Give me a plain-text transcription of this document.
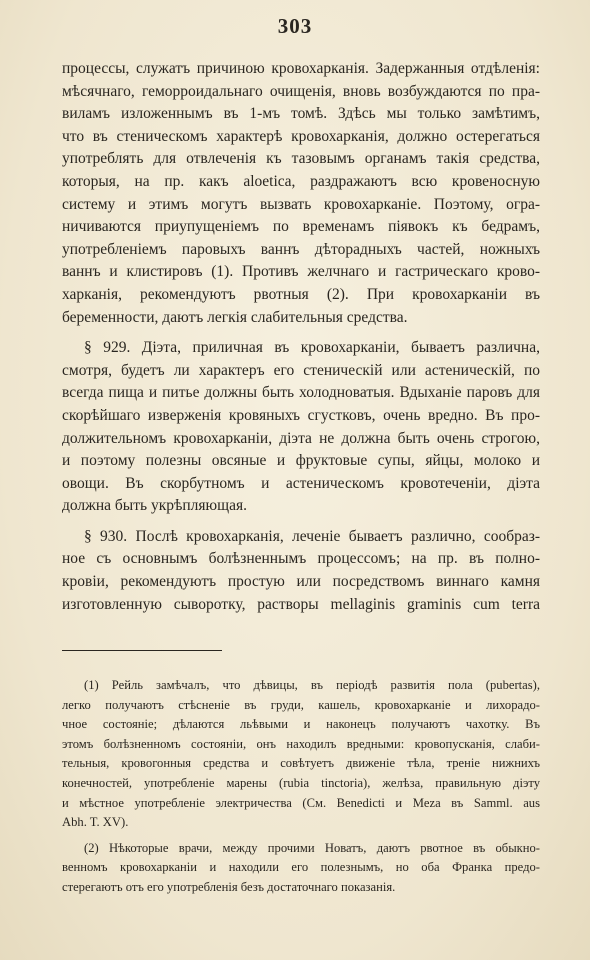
303
процессы, служатъ причиною кровохарканія. Задержанныя отдѣленія:
мѣсячнаго, геморроидальнаго очищенія, вновь возбуждаются по пра-
виламъ изложеннымъ въ 1-мъ томѣ. Здѣсь мы только замѣтимъ,
что въ стеническомъ характерѣ кровохарканія, должно остерегаться
употреблять для отвлеченія къ тазовымъ органамъ такія средства,
которыя, на пр. какъ aloetica, раздражаютъ всю кровеносную
систему и этимъ могутъ вызвать кровохарканіе. Поэтому, огра-
ничиваются приупущеніемъ по временамъ піявокъ къ бедрамъ,
употребленіемъ паровыхъ ваннъ дѣторадныхъ частей, ножныхъ
ваннъ и клистировъ (1). Противъ желчнаго и гастрическаго крово-
харканія, рекомендуютъ рвотныя (2). При кровохарканіи въ
беременности, даютъ легкія слабительныя средства.
§ 929. Діэта, приличная въ кровохарканіи, бываетъ различна,
смотря, будетъ ли характеръ его стеническій или астеническій, по
всегда пища и питье должны быть холодноватыя. Вдыханіе паровъ для
скорѣйшаго изверженія кровяныхъ сгустковъ, очень вредно. Въ про-
должительномъ кровохарканіи, діэта не должна быть очень строгою,
и поэтому полезны овсяные и фруктовые супы, яйцы, молоко и
овощи. Въ скорбутномъ и астеническомъ кровотеченіи, діэта
должна быть укрѣпляющая.
§ 930. Послѣ кровохарканія, леченіе бываетъ различно, сообраз-
ное съ основнымъ болѣзненнымъ процессомъ; на пр. въ полно-
кровіи, рекомендуютъ простую или посредствомъ виннаго камня
изготовленную сыворотку, растворы mellaginis graminis cum terra
(1) Рейль замѣчалъ, что дѣвицы, въ періодѣ развитія пола (pubertas),
легко получаютъ стѣсненіе въ груди, кашель, кровохарканіе и лихорадо-
чное состояніе; дѣлаются льѣвыми и наконецъ получаютъ чахотку. Въ
этомъ болѣзненномъ состояніи, онъ находилъ вредными: кровопусканія, слаби-
тельныя, кровогонныя средства и совѣтуетъ движеніе тѣла, треніе нижнихъ
конечностей, употребленіе марены (rubia tinctoria), желѣза, правильную діэту
и мѣстное употребленіе электричества (См. Benedicti и Meza въ Samml. aus
Abh. T. XV).
(2) Нѣкоторые врачи, между прочими Новатъ, даютъ рвотное въ обыкно-
венномъ кровохарканіи и находили его полезнымъ, но оба Франка предо-
стерегаютъ отъ его употребленія безъ достаточнаго показанія.
